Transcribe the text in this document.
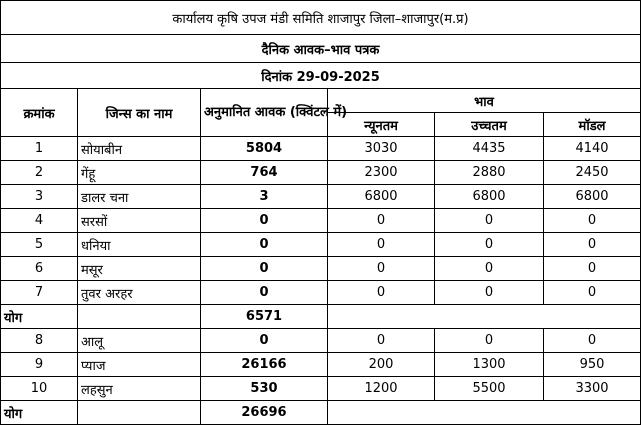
कार्यालय कृषि उपज मंडी समिति शाजापुर जिला–शाजापुर(म.प्र)					
दैनिक आवक–भाव पत्रक					
दिनांक 29-09-2025					
क्रमांक	जिन्स का नाम	अनुमानित आवक (क्विंटल में)	भाव		
			न्यूनतम	उच्चतम	मॉडल
1	सोयाबीन	5804	3030	4435	4140
2	गेंहू	764	2300	2880	2450
3	डालर चना	3	6800	6800	6800
4	सरसों	0	0	0	0
5	धनिया	0	0	0	0
6	मसूर	0	0	0	0
7	तुवर अरहर	0	0	0	0
योग		6571			
8	आलू	0	0	0	0
9	प्याज	26166	200	1300	950
10	लहसुन	530	1200	5500	3300
योग		26696			
